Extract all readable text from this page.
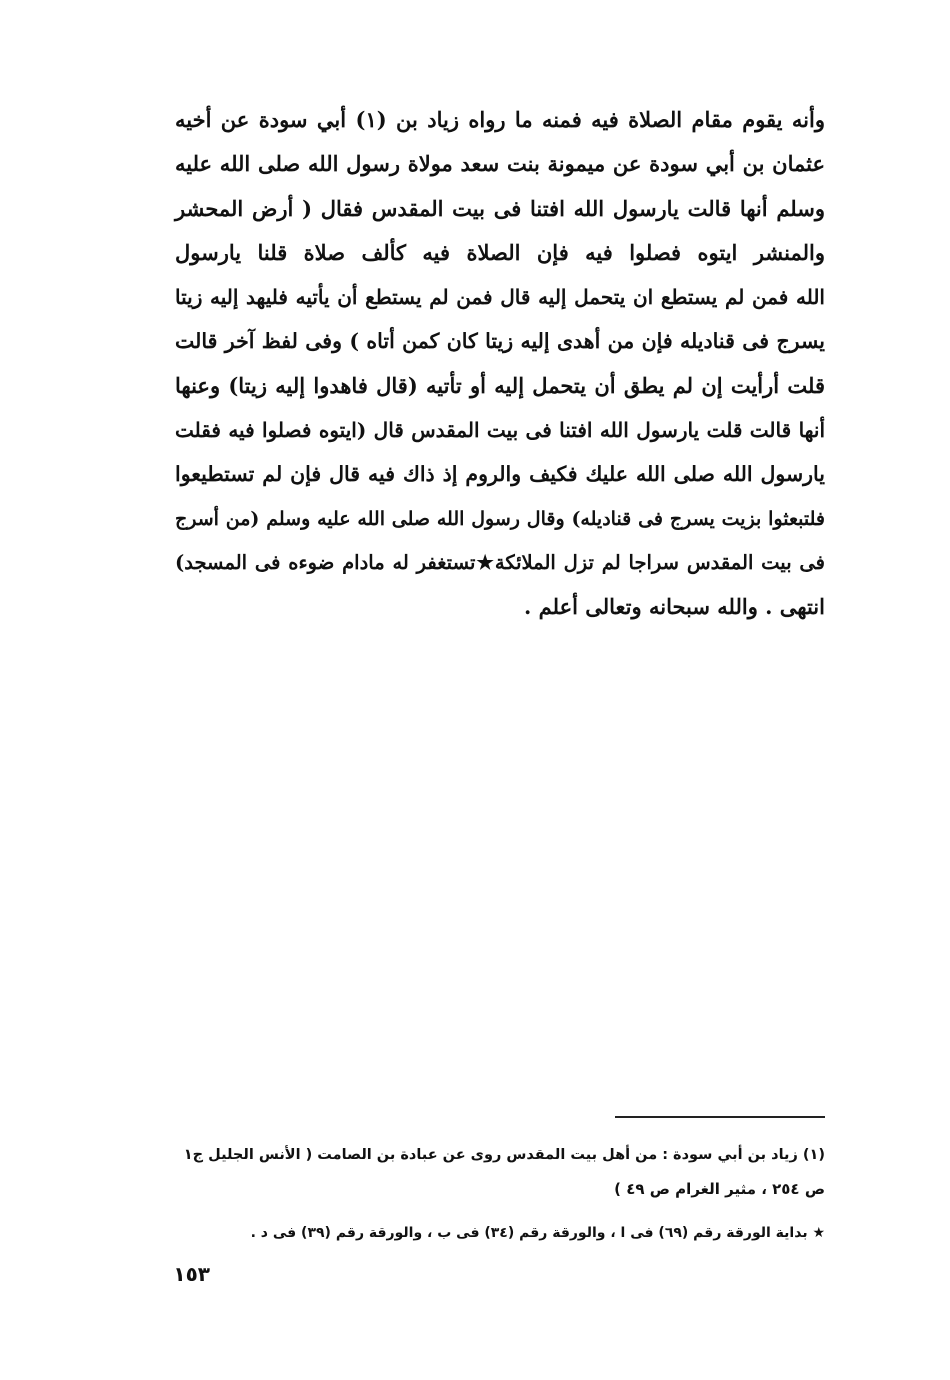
وأنه يقوم مقام الصلاة فيه فمنه ما رواه زياد بن (١) أبي سودة عن أخيه
عثمان بن أبي سودة عن ميمونة بنت سعد مولاة رسول الله صلى الله عليه
وسلم أنها قالت يارسول الله افتنا فى بيت المقدس فقال ( أرض المحشر
والمنشر ايتوه فصلوا فيه فإن الصلاة فيه كألف صلاة قلنا يارسول
الله فمن لم يستطع ان يتحمل إليه قال فمن لم يستطع أن يأتيه فليهد إليه زيتا
يسرج فى قناديله فإن من أهدى إليه زيتا كان كمن أتاه ) وفى لفظ آخر قالت
قلت أرأيت إن لم يطق أن يتحمل إليه أو تأتيه (قال فاهدوا إليه زيتا) وعنها
أنها قالت قلت يارسول الله افتنا فى بيت المقدس قال (ايتوه فصلوا فيه فقلت
يارسول الله صلى الله عليك فكيف والروم إذ ذاك فيه قال فإن لم تستطيعوا
فلتبعثوا بزيت يسرج فى قناديله) وقال رسول الله صلى الله عليه وسلم (من أسرج
فى بيت المقدس سراجا لم تزل الملائكة★تستغفر له مادام ضوءه فى المسجد)
انتهى . والله سبحانه وتعالى أعلم .
(١) زياد بن أبي سودة : من أهل بيت المقدس روى عن عبادة بن الصامت ( الأنس الجليل ج١
ص ٢٥٤ ، مثير الغرام ص ٤٩ )
★ بداية الورقة رقم (٦٩) فى ا ، والورقة رقم (٣٤) فى ب ، والورقة رقم (٣٩) فى د .
١٥٣
